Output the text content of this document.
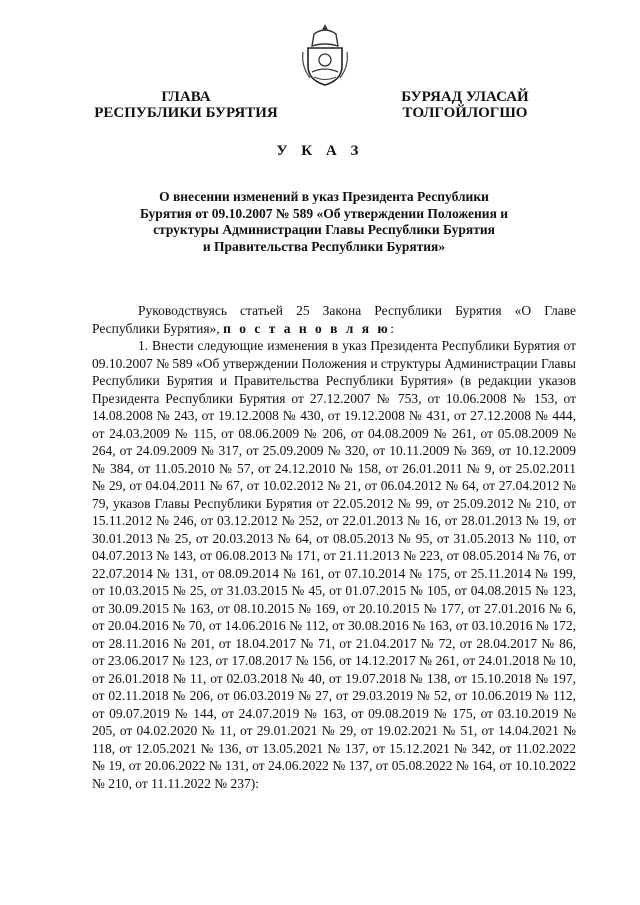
ГЛАВА
РЕСПУБЛИКИ БУРЯТИЯ
БУРЯАД УЛАСАЙ
ТОЛГОЙЛОГШО
У К А З
О внесении изменений в указ Президента Республики
Бурятия от 09.10.2007 № 589 «Об утверждении Положения и
структуры Администрации Главы Республики Бурятия
и Правительства Республики Бурятия»

Руководствуясь статьей 25 Закона Республики Бурятия «О Главе Республики Бурятия», п о с т а н о в л я ю:

1. Внести следующие изменения в указ Президента Республики Бурятия от 09.10.2007 № 589 «Об утверждении Положения и структуры Администрации Главы Республики Бурятия и Правительства Республики Бурятия» (в редакции указов Президента Республики Бурятия от 27.12.2007 № 753, от 10.06.2008 № 153, от 14.08.2008 № 243, от 19.12.2008 № 430, от 19.12.2008 № 431, от 27.12.2008 № 444, от 24.03.2009 № 115, от 08.06.2009 № 206, от 04.08.2009 № 261, от 05.08.2009 № 264, от 24.09.2009 № 317, от 25.09.2009 № 320, от 10.11.2009 № 369, от 10.12.2009 № 384, от 11.05.2010 № 57, от 24.12.2010 № 158, от 26.01.2011 № 9, от 25.02.2011 № 29, от 04.04.2011 № 67, от 10.02.2012 № 21, от 06.04.2012 № 64, от 27.04.2012 № 79, указов Главы Республики Бурятия от 22.05.2012 № 99, от 25.09.2012 № 210, от 15.11.2012 № 246, от 03.12.2012 № 252, от 22.01.2013 № 16, от 28.01.2013 № 19, от 30.01.2013 № 25, от 20.03.2013 № 64, от 08.05.2013 № 95, от 31.05.2013 № 110, от 04.07.2013 № 143, от 06.08.2013 № 171, от 21.11.2013 № 223, от 08.05.2014 № 76, от 22.07.2014 № 131, от 08.09.2014 № 161, от 07.10.2014 № 175, от 25.11.2014 № 199, от 10.03.2015 № 25, от 31.03.2015 № 45, от 01.07.2015 № 105, от 04.08.2015 № 123, от 30.09.2015 № 163, от 08.10.2015 № 169, от 20.10.2015 № 177, от 27.01.2016 № 6, от 20.04.2016 № 70, от 14.06.2016 № 112, от 30.08.2016 № 163, от 03.10.2016 № 172, от 28.11.2016 № 201, от 18.04.2017 № 71, от 21.04.2017 № 72, от 28.04.2017 № 86, от 23.06.2017 № 123, от 17.08.2017 № 156, от 14.12.2017 № 261, от 24.01.2018 № 10, от 26.01.2018 № 11, от 02.03.2018 № 40, от 19.07.2018 № 138, от 15.10.2018 № 197, от 02.11.2018 № 206, от 06.03.2019 № 27, от 29.03.2019 № 52, от 10.06.2019 № 112, от 09.07.2019 № 144, от 24.07.2019 № 163, от 09.08.2019 № 175, от 03.10.2019 № 205, от 04.02.2020 № 11, от 29.01.2021 № 29, от 19.02.2021 № 51, от 14.04.2021 № 118, от 12.05.2021 № 136, от 13.05.2021 № 137, от 15.12.2021 № 342, от 11.02.2022 № 19, от 20.06.2022 № 131, от 24.06.2022 № 137, от 05.08.2022 № 164, от 10.10.2022 № 210, от 11.11.2022 № 237):
